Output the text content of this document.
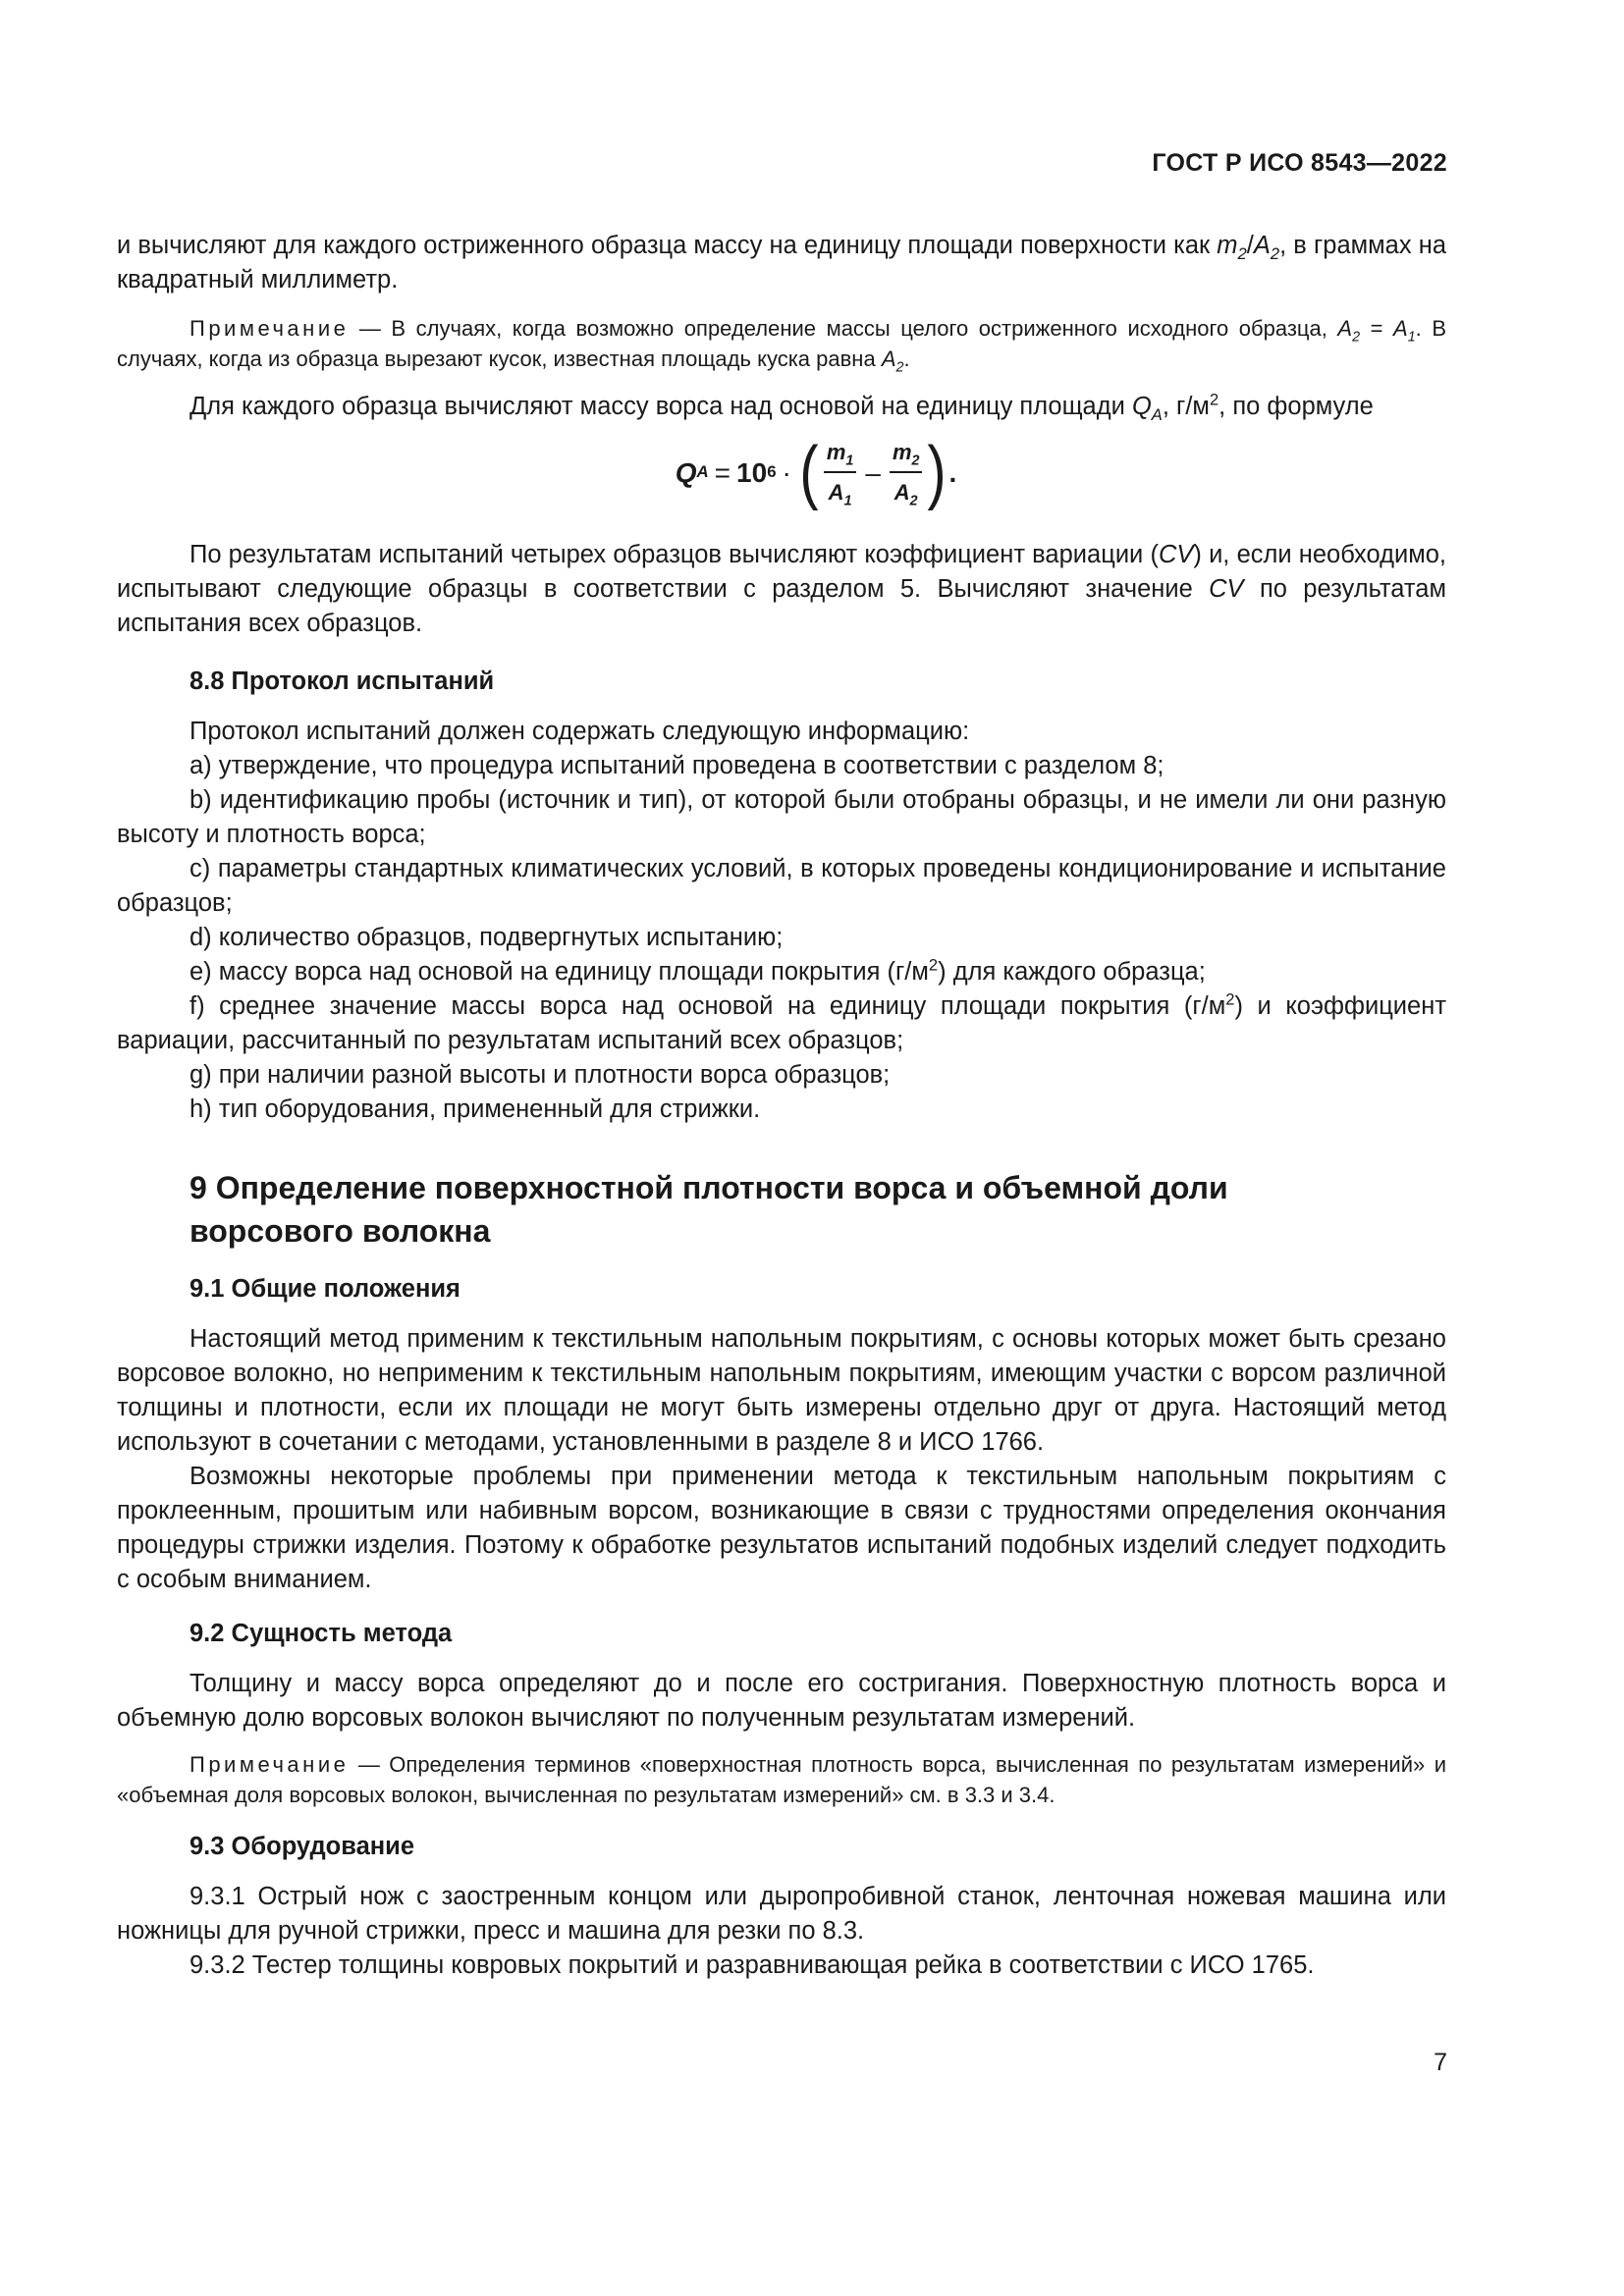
ГОСТ Р ИСО 8543—2022

и вычисляют для каждого остриженного образца массу на единицу площади поверхности как $m_2/A_2$, в граммах на квадратный миллиметр.

Примечание — В случаях, когда возможно определение массы целого остриженного исходного образца, $A_2 = A_1$. В случаях, когда из образца вырезают кусок, известная площадь куска равна $A_2$.

Для каждого образца вычисляют массу ворса над основой на единицу площади $Q_A$, $г/м^2$, по формуле

Q A = 10 6 · ( $\frac{m_1}{A_1} - \frac{m_2}{A_2}$ ) .

По результатам испытаний четырех образцов вычисляют коэффициент вариации (CV) и, если необходимо, испытывают следующие образцы в соответствии с разделом 5. Вычисляют значение CV по результатам испытания всех образцов.

8.8 Протокол испытаний

Протокол испытаний должен содержать следующую информацию:

a) утверждение, что процедура испытаний проведена в соответствии с разделом 8;

b) идентификацию пробы (источник и тип), от которой были отобраны образцы, и не имели ли они разную высоту и плотность ворса;

c) параметры стандартных климатических условий, в которых проведены кондиционирование и испытание образцов;

d) количество образцов, подвергнутых испытанию;

e) массу ворса над основой на единицу площади покрытия $(г/м^2)$ для каждого образца;

f) среднее значение массы ворса над основой на единицу площади покрытия $(г/м^2)$ и коэффициент вариации, рассчитанный по результатам испытаний всех образцов;

g) при наличии разной высоты и плотности ворса образцов;

h) тип оборудования, примененный для стрижки.

9 Определение поверхностной плотности ворса и объемной доли
ворсового волокна

9.1 Общие положения

Настоящий метод применим к текстильным напольным покрытиям, с основы которых может быть срезано ворсовое волокно, но неприменим к текстильным напольным покрытиям, имеющим участки с ворсом различной толщины и плотности, если их площади не могут быть измерены отдельно друг от друга. Настоящий метод используют в сочетании с методами, установленными в разделе 8 и ИСО 1766.

Возможны некоторые проблемы при применении метода к текстильным напольным покрытиям с проклеенным, прошитым или набивным ворсом, возникающие в связи с трудностями определения окончания процедуры стрижки изделия. Поэтому к обработке результатов испытаний подобных изделий следует подходить с особым вниманием.

9.2 Сущность метода

Толщину и массу ворса определяют до и после его состригания. Поверхностную плотность ворса и объемную долю ворсовых волокон вычисляют по полученным результатам измерений.

Примечание — Определения терминов «поверхностная плотность ворса, вычисленная по результатам измерений» и «объемная доля ворсовых волокон, вычисленная по результатам измерений» см. в 3.3 и 3.4.

9.3 Оборудование

9.3.1 Острый нож с заостренным концом или дыропробивной станок, ленточная ножевая машина или ножницы для ручной стрижки, пресс и машина для резки по 8.3.

9.3.2 Тестер толщины ковровых покрытий и разравнивающая рейка в соответствии с ИСО 1765.

7
